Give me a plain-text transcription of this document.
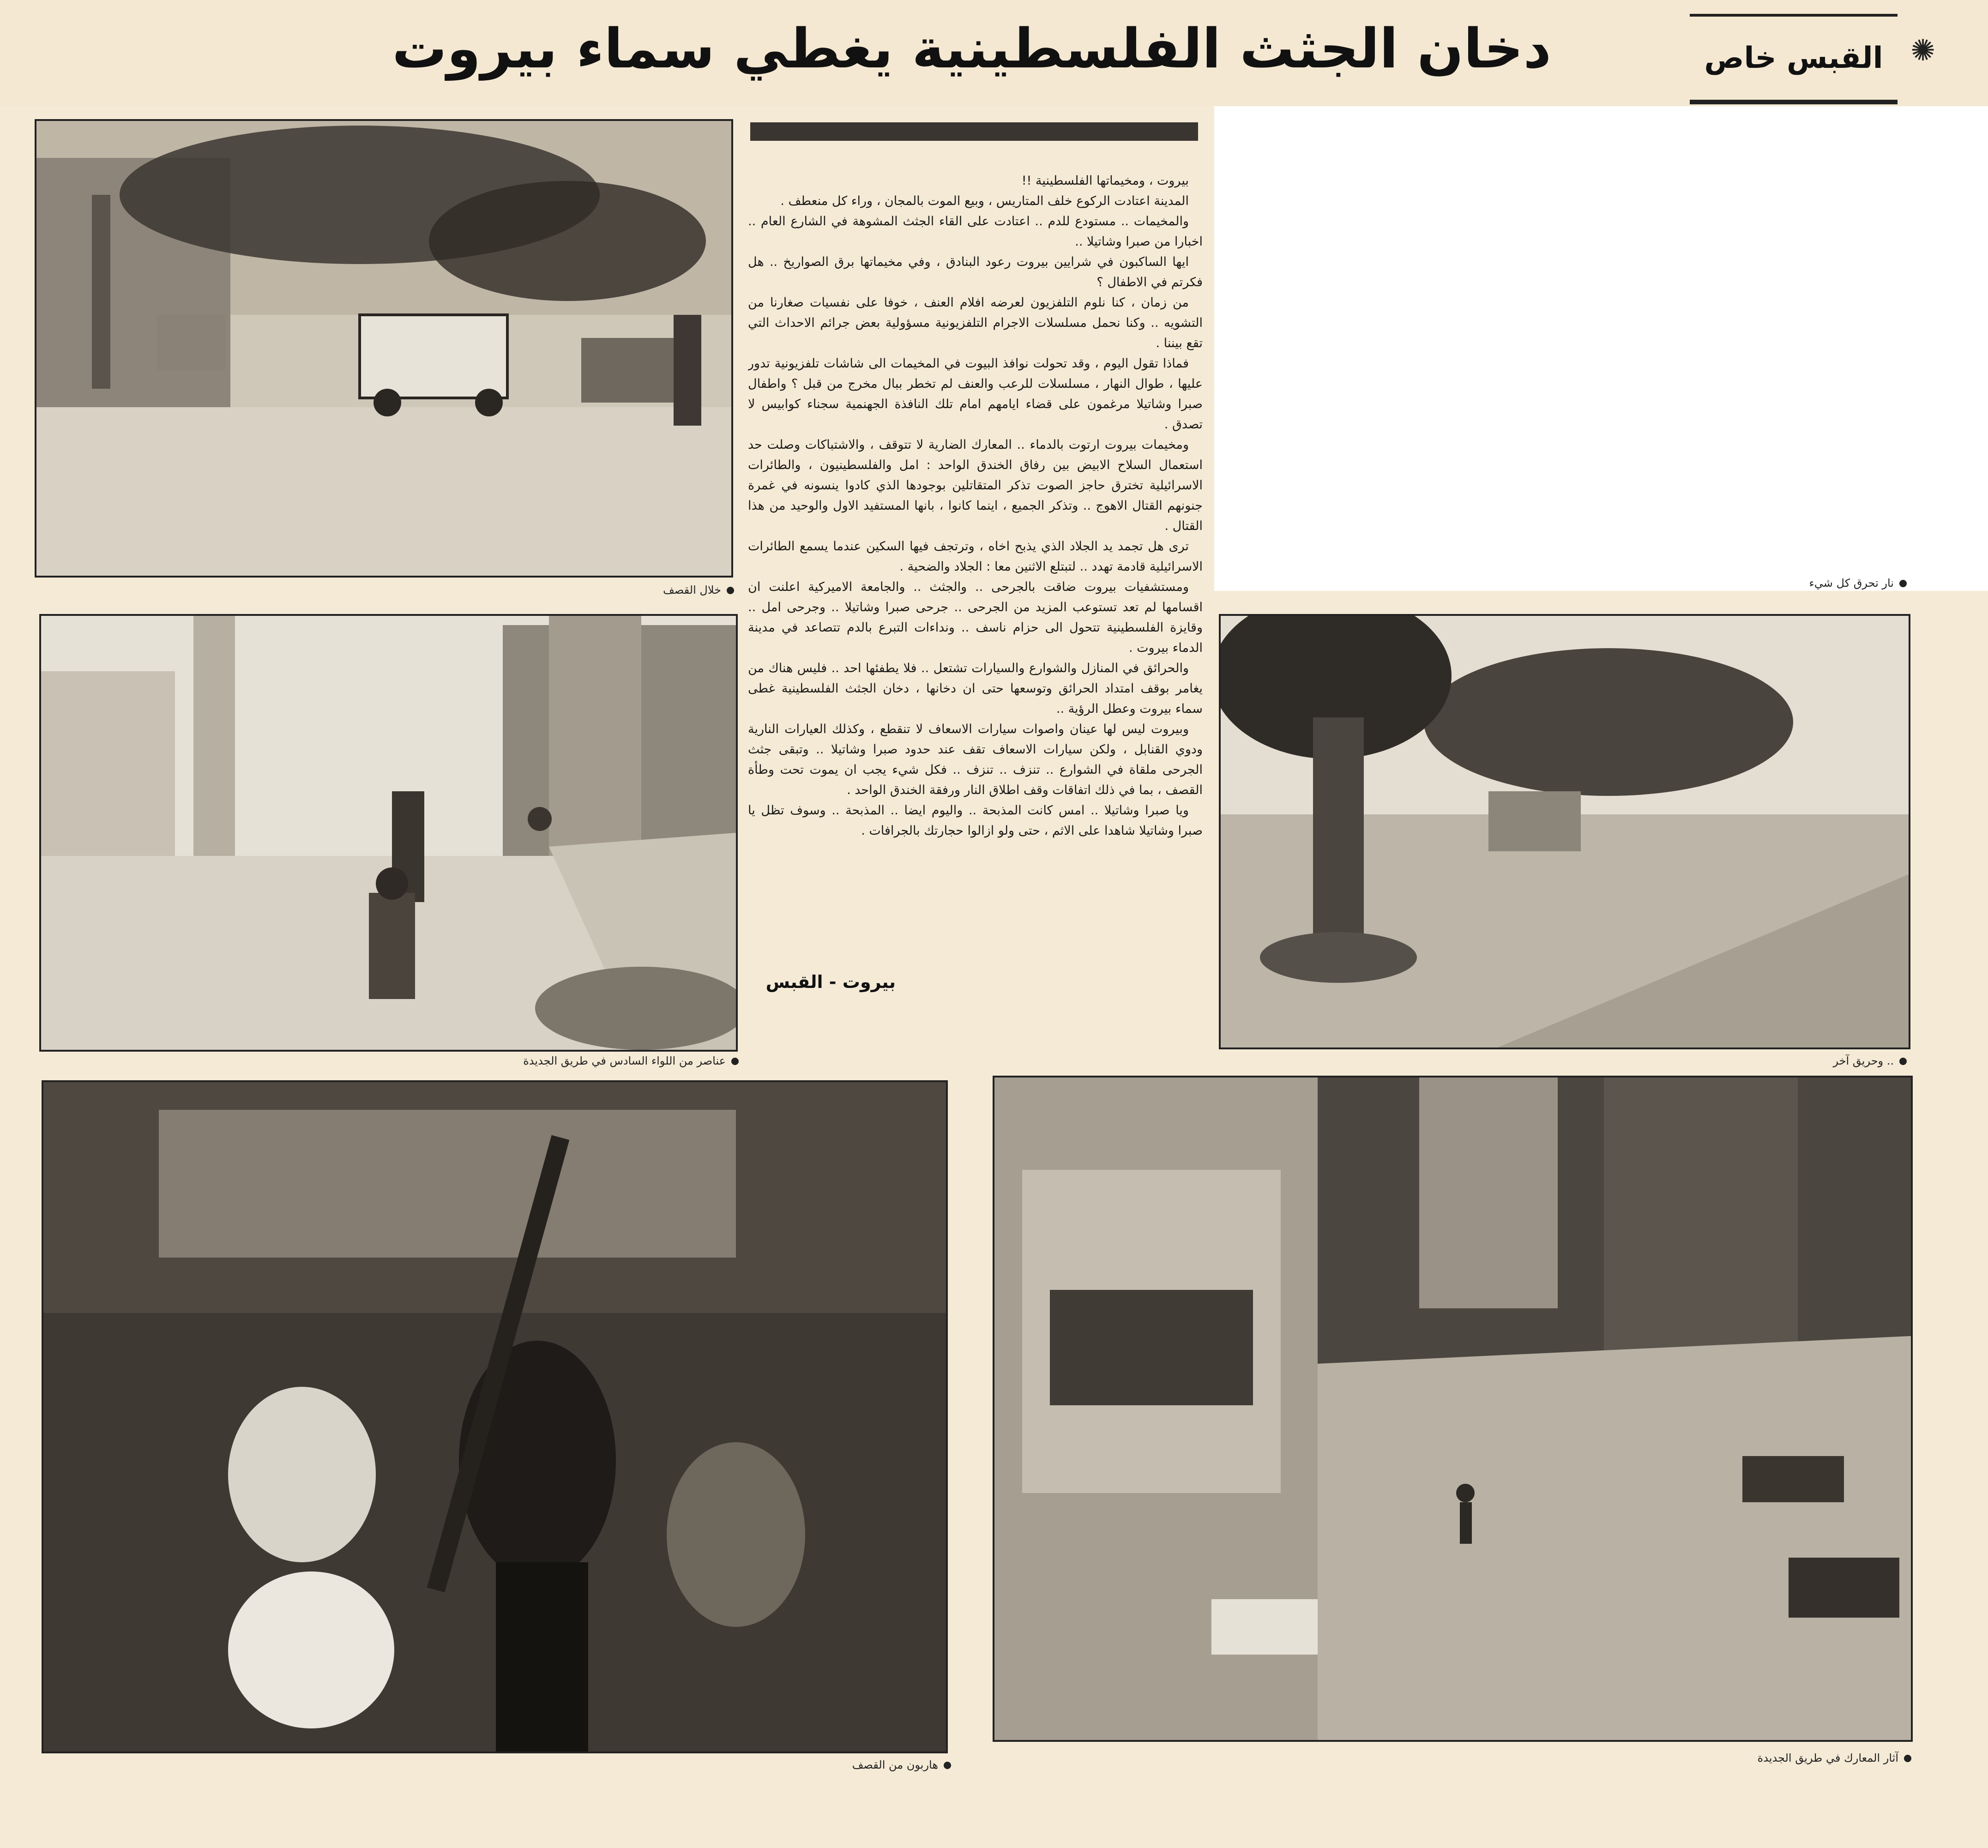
دخان الجثث الفلسطينية يغطي سماء بيروت	القبس خاص ✺

بيروت ، ومخيماتها الفلسطينية !!

المدينة اعتادت الركوع خلف المتاريس ، وبيع الموت بالمجان ، وراء كل منعطف .

والمخيمات .. مستودع للدم .. اعتادت على القاء الجثث المشوهة في الشارع العام .. اخبارا من صبرا وشاتيلا ..

ايها الساكبون في شرايين بيروت رعود البنادق ، وفي مخيماتها برق الصواريخ .. هل فكرتم في الاطفال ؟

من زمان ، كنا نلوم التلفزيون لعرضه افلام العنف ، خوفا على نفسيات صغارنا من التشويه .. وكنا نحمل مسلسلات الاجرام التلفزيونية مسؤولية بعض جرائم الاحداث التي تقع بيننا .

فماذا تقول اليوم ، وقد تحولت نوافذ البيوت في المخيمات الى شاشات تلفزيونية تدور عليها ، طوال النهار ، مسلسلات للرعب والعنف لم تخطر ببال مخرج من قبل ؟ واطفال صبرا وشاتيلا مرغمون على قضاء ايامهم امام تلك النافذة الجهنمية سجناء كوابيس لا تصدق .

ومخيمات بيروت ارتوت بالدماء .. المعارك الضارية لا تتوقف ، والاشتباكات وصلت حد استعمال السلاح الابيض بين رفاق الخندق الواحد : امل والفلسطينيون ، والطائرات الاسرائيلية تخترق حاجز الصوت تذكر المتقاتلين بوجودها الذي كادوا ينسونه في غمرة جنونهم القتال الاهوج .. وتذكر الجميع ، اينما كانوا ، بانها المستفيد الاول والوحيد من هذا القتال .

ترى هل تجمد يد الجلاد الذي يذبح اخاه ، وترتجف فيها السكين عندما يسمع الطائرات الاسرائيلية قادمة تهدد .. لتبتلع الاثنين معا : الجلاد والضحية .

ومستشفيات بيروت ضاقت بالجرحى .. والجثث .. والجامعة الاميركية اعلنت ان اقسامها لم تعد تستوعب المزيد من الجرحى .. جرحى صبرا وشاتيلا .. وجرحى امل .. وقايزة الفلسطينية تتحول الى حزام ناسف .. ونداءات التبرع بالدم تتصاعد في مدينة الدماء بيروت .

والحرائق في المنازل والشوارع والسيارات تشتعل .. فلا يطفئها احد .. فليس هناك من يغامر بوقف امتداد الحرائق وتوسعها حتى ان دخانها ، دخان الجثث الفلسطينية غطى سماء بيروت وعطل الرؤية ..

وبيروت ليس لها عينان واصوات سيارات الاسعاف لا تنقطع ، وكذلك العيارات النارية ودوي القنابل ، ولكن سيارات الاسعاف تقف عند حدود صبرا وشاتيلا .. وتبقى جثث الجرحى ملقاة في الشوارع .. تنزف .. تنزف .. فكل شيء يجب ان يموت تحت وطأة القصف ، بما في ذلك اتفاقات وقف اطلاق النار ورفقة الخندق الواحد .

ويا صبرا وشاتيلا .. امس كانت المذبحة .. واليوم ايضا .. المذبحة .. وسوف تظل يا صبرا وشاتيلا شاهدا على الاثم ، حتى ولو ازالوا حجارتك بالجرافات .

بيروت - القبس
خلال القصف
عناصر من اللواء السادس في طريق الجديدة
نار تحرق كل شيء
.. وحريق آخر
هاربون من القصف
آثار المعارك في طريق الجديدة
